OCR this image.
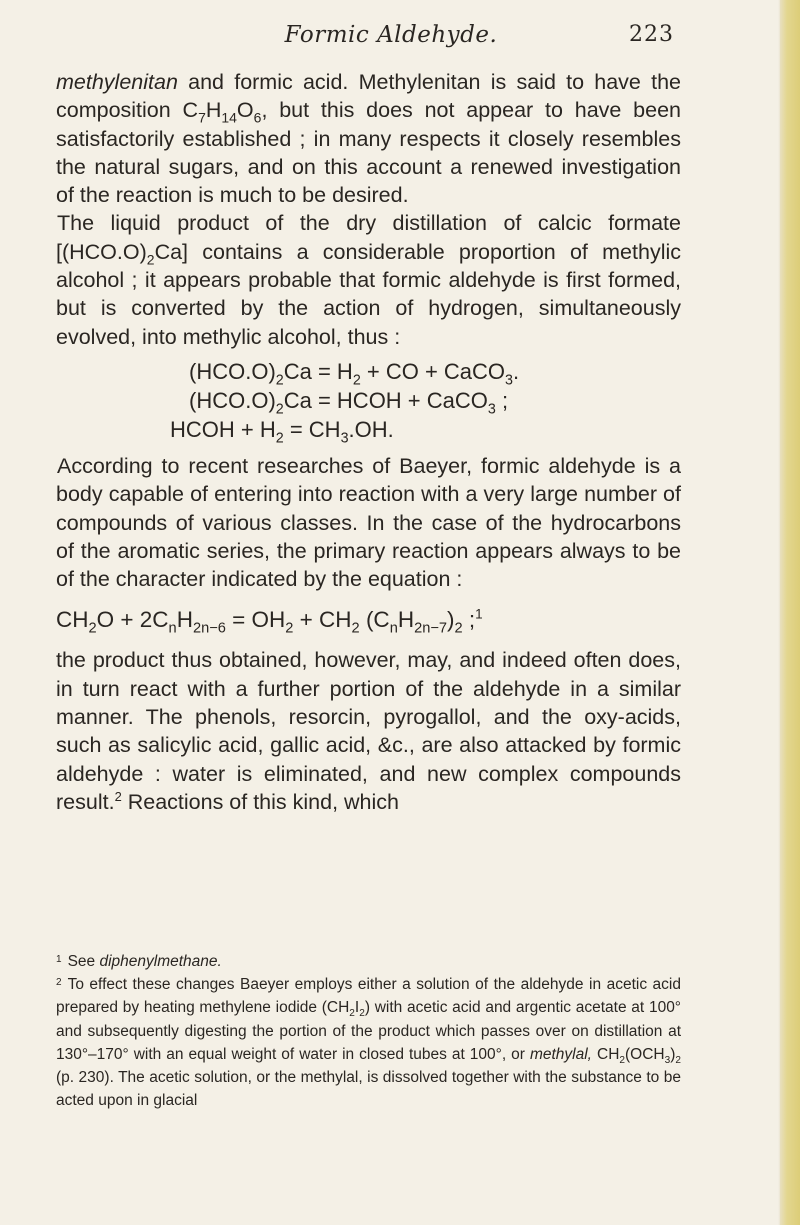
Formic Aldehyde.	223

methylenitan and formic acid. Methylenitan is said to have the composition $C_7H_{14}O_6$, but this does not appear to have been satisfactorily established ; in many respects it closely resembles the natural sugars, and on this account a renewed investigation of the reaction is much to be desired.

The liquid product of the dry distillation of calcic formate $[(HCO.O)_2Ca]$ contains a considerable proportion of methylic alcohol ; it appears probable that formic aldehyde is first formed, but is converted by the action of hydrogen, simultaneously evolved, into methylic alcohol, thus :

$(HCO.O)_2Ca = H_2$ + CO + CaCO$_3$.
$(HCO.O)_2Ca$ = HCOH + CaCO$_3$ ;
HCOH + $H_2 = CH_3.OH$.

According to recent researches of Baeyer, formic aldehyde is a body capable of entering into reaction with a very large number of compounds of various classes. In the case of the hydrocarbons of the aromatic series, the primary reaction appears always to be of the character indicated by the equation :

$CH_2O + 2C_nH_{2n-6} = OH_2 + CH_2$ $(C_nH_{2n-7})_2$ ;$^1$

the product thus obtained, however, may, and indeed often does, in turn react with a further portion of the aldehyde in a similar manner. The phenols, resorcin, pyrogallol, and the oxy-acids, such as salicylic acid, gallic acid, &c., are also attacked by formic aldehyde : water is eliminated, and new complex compounds result.$^2$ Reactions of this kind, which

$^1$ See diphenylmethane.

$^2$ To effect these changes Baeyer employs either a solution of the aldehyde in acetic acid prepared by heating methylene iodide $(CH_2I_2)$ with acetic acid and argentic acetate at 100° and subsequently digesting the portion of the product which passes over on distillation at 130°–170° with an equal weight of water in closed tubes at 100°, or methylal, $CH_2(OCH_3)_2$ (p. 230). The acetic solution, or the methylal, is dissolved together with the substance to be acted upon in glacial
